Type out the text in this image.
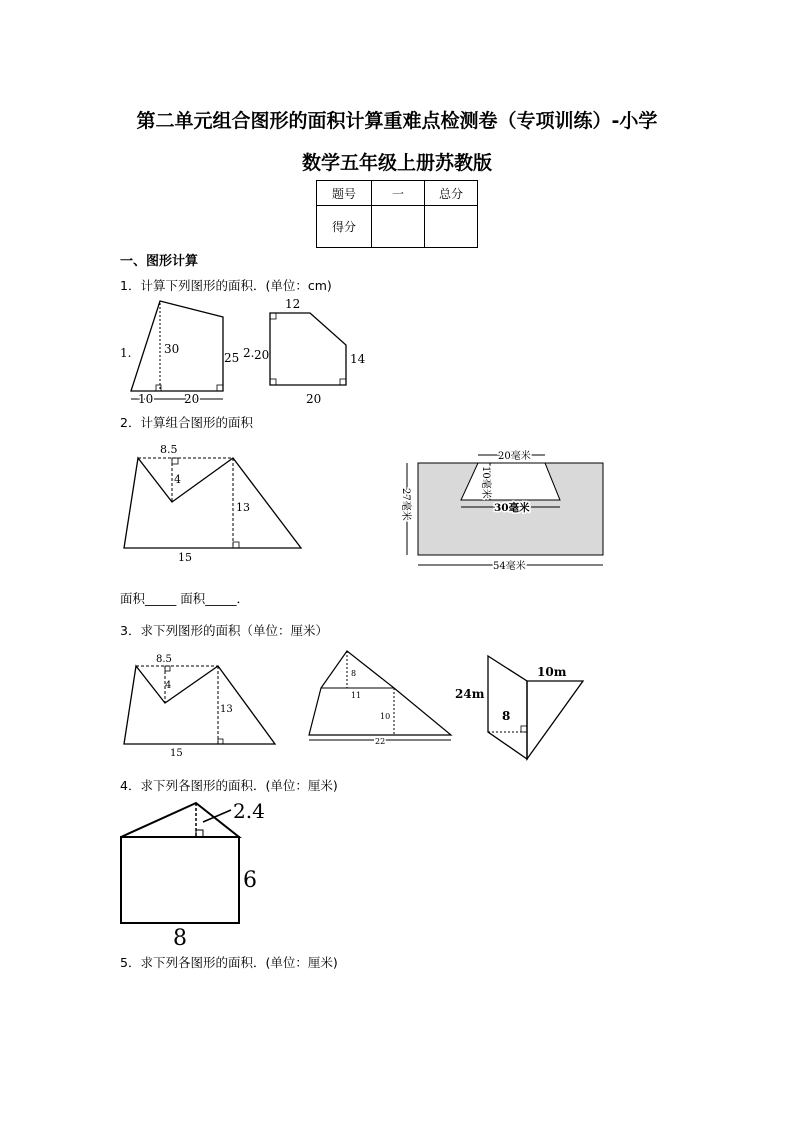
第二单元组合图形的面积计算重难点检测卷（专项训练）-小学
数学五年级上册苏教版
题号	一	总分
得分		
一、图形计算
1．计算下列图形的面积．(单位：cm)
1.	30
25
10	20
2.
12
20	14
20
2．计算组合图形的面积
8.5
4
13
15
20毫米
10毫米
30毫米
27毫米
54毫米
面积_____ 面积_____．
3．求下列图形的面积（单位：厘米）
8.5
4
13
15
8
11
10
22
10m
24m
8
4．求下列各图形的面积．(单位：厘米)
2.4
6
8
5．求下列各图形的面积．(单位：厘米)
